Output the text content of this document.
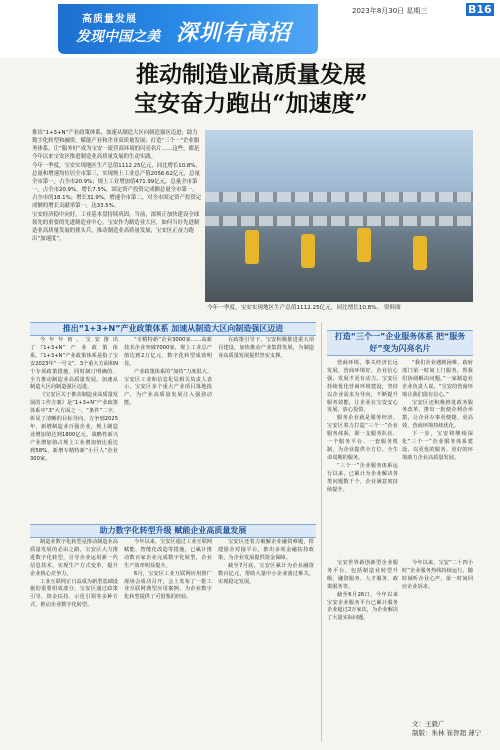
高质量发展
发现中国之美 深圳有高招
2023年8月30日 星期三	B16
推动制造业高质量发展
宝安奋力跑出“加速度”

推出“1+3+N”产业政策体系，加速从制造大区向制造强区迈进；助力数字化转型和融资，赋能产业和企业高质量发展；打造“三个一”企业服务体系，让“服务好”成为宝安一流营商环境的闪亮名片……这些，都是今年以来宝安区推进制造业高质量发展的生动实践。

今年一季度，宝安实现地区生产总值1112.25亿元，同比增长10.8%，总量和增速均位居全市第三，实现规上工业总产值2056.62亿元，总量全市第一，占全市20.9%；规上工业增加值471.99亿元，总量全市第一，占全市20.9%，增长7.5%，固定资产投资完成额总量全市第一，占全市的18.1%；增长31.9%，增速全市第二，对全市固定资产投资完成额的增长贡献率第一，达33.5%。

宝安经济稳中向好，工业基本盘持续巩固。当前，深圳正加快建设全球领先的重要的先进制造业中心，宝安作为制造业大区，如何当好先进制造业高质量发展的排头兵，推动制造业高质量发展，宝安区正奋力跑出“加速度”。

今年一季度，宝安实现地区生产总值1112.25亿元，同比增长10.8%。 资料图
推出“1+3+N”产业政策体系 加速从制造大区向制造强区迈进

今年年初，宝安推出了“1+3+N”产业政策体系。“1+3+N”产业政策体系是指了宝安2023年“一号文”、3个重大方面和N个专项政策措施，同时制订明确的、全力推动制造业高质量发展，加速从制造大区向制造强区迈进。

《宝安区关于推动制造业高质量发展的工作方案》是“1+3+N”产业政策体系中“3”大方面之一。“条件”二字，彰显了清晰的目标导向，力争到2025年，新增制造业百强企业，规上制造业增加值达到1800亿元，战略性新兴产业增加值占规上工业增加值比重达到58%，新增专精特新“小巨人”企业300家。

“专精特新”企业3000家……高新技术企业突破7000家，规上工业总产值达到2万亿元，数字化转型成效明显。

产业政策体系的“加持”力度很大。宝安区工业和信息化局相关负责人表示，宝安区多个重大产业项目落地投产，为产业高质量发展注入强劲动能。

在政策引导下，宝安积极推进重大项目建设，加快推动产业集群发展，为制造业高质量发展提供坚实支撑。

助力数字化转型升级 赋能企业高质量发展

制造业数字化转型是推动制造业高质量发展的必由之路。宝安区大力推进数字化转型，引导企业运用新一代信息技术，实现生产方式变革，提升企业核心竞争力。

工业互联网正日益成为新型基础设施的重要组成部分，宝安区通过政策引导、资金扶持、示范引领等多种方式，推动企业数字化转型。

今年以来，宝安区通过工业互联网赋能、智能化改造等措施，已累计推动数百家企业完成数字化转型，企业生产效率明显提升。

6月，宝安区工业互联网应用推广现场会成功召开，会上发布了一批工业互联网典型应用案例，为企业数字化转型提供了可借鉴的经验。

宝安区还着力破解企业融资难题，搭建银企对接平台，推出多项金融扶持政策，为企业发展提供资金保障。

截至7月底，宝安区累计为企业融资数百亿元，帮助大量中小企业渡过难关，实现稳定发展。

打造“三个一”企业服务体系 把“服务好”变为闪亮名片

营商环境，事关经济长远发展，营商环境好，企业信心强，发展才更有动力。宝安区持续优化营商环境建设，坚持以企业需求为导向，不断提升服务效能，让企业在宝安安心发展、放心投资。

服务企业就是服务经济。宝安区着力打造“三个一”企业服务体系，即一支服务队伍、一个服务平台、一套服务机制，为企业提供全方位、全生命周期的服务。

“三个一”企业服务体系运行以来，已累计为企业解决各类问题数千个，企业满意度持续提升。

“我们企业遇到困难，政府部门第一时间上门服务，帮我们协调解决问题。”一家制造业企业负责人说。“宝安的营商环境让我们很有信心。”

宝安区还积极推进政务服务改革，推出一批便企利企举措，让企业办事更便捷、更高效，营商环境持续优化。

下一步，宝安将继续深化“三个一”企业服务体系建设，以更优的服务、更好的环境助力企业高质量发展。

宝安世界新创新型企业服务平台，包括制造业转型升级、融资服务、人才服务、政策服务等。

截至6月26日，今年以来宝安企业服务平台已累计服务企业超过2万家次，为企业解决了大量实际问题。

今年以来，宝安“二十四小时”企业服务热线持续运行，随时倾听企业心声，第一时间回应企业诉求。

文：王毅广
制版：朱林 崔智超 薄宁
